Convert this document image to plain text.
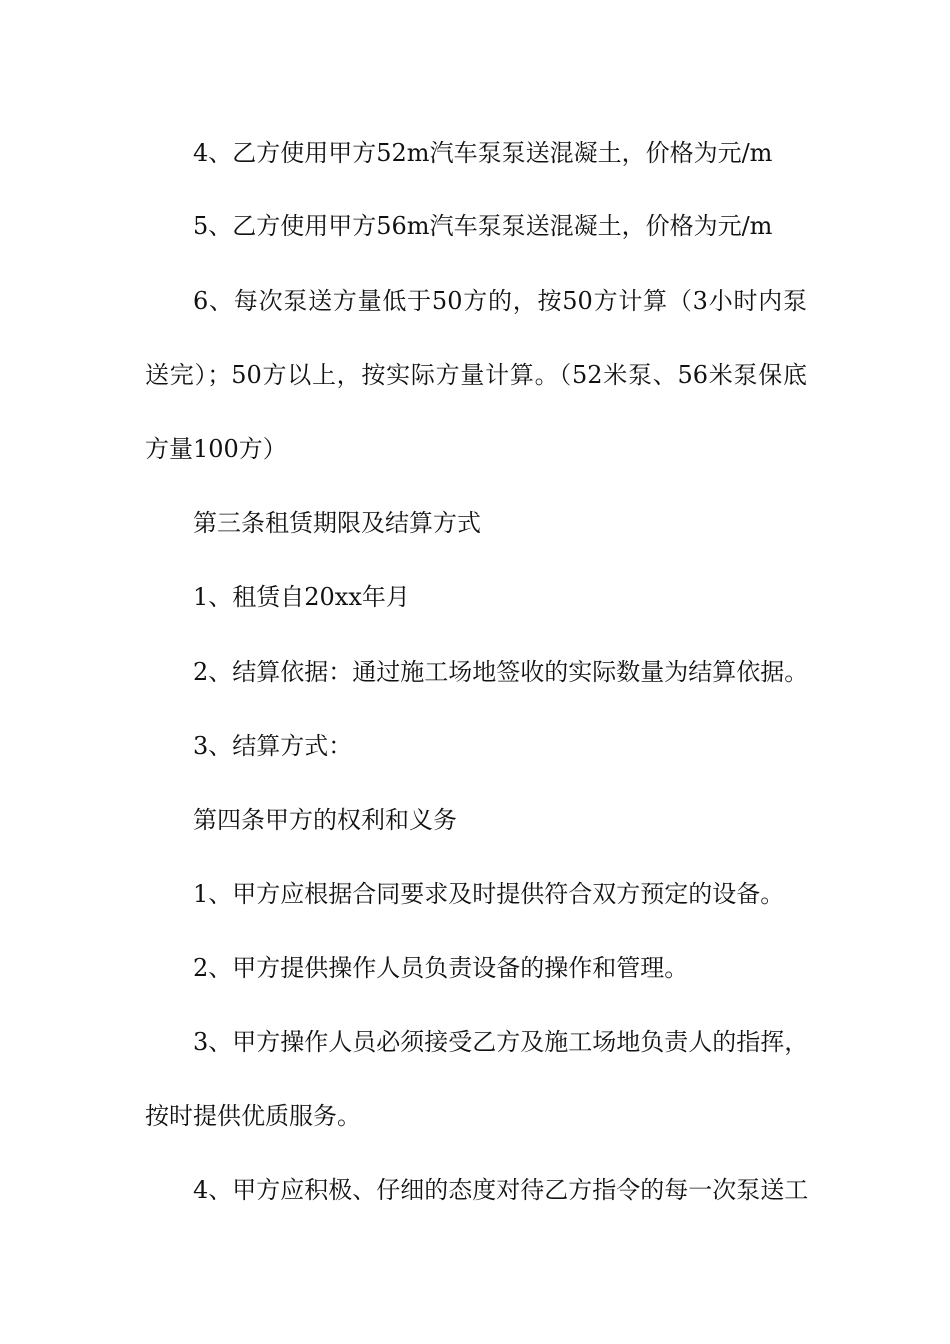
4、乙方使用甲方52m汽车泵泵送混凝土，价格为元/m
5、乙方使用甲方56m汽车泵泵送混凝土，价格为元/m
6、每次泵送方量低于50方的，按50方计算（3小时内泵
送完）；50方以上，按实际方量计算。（52米泵、56米泵保底
方量100方）
第三条租赁期限及结算方式
1、租赁自20xx年月
2、结算依据：通过施工场地签收的实际数量为结算依据。
3、结算方式：
第四条甲方的权利和义务
1、甲方应根据合同要求及时提供符合双方预定的设备。
2、甲方提供操作人员负责设备的操作和管理。
3、甲方操作人员必须接受乙方及施工场地负责人的指挥，
按时提供优质服务。
4、甲方应积极、仔细的态度对待乙方指令的每一次泵送工
